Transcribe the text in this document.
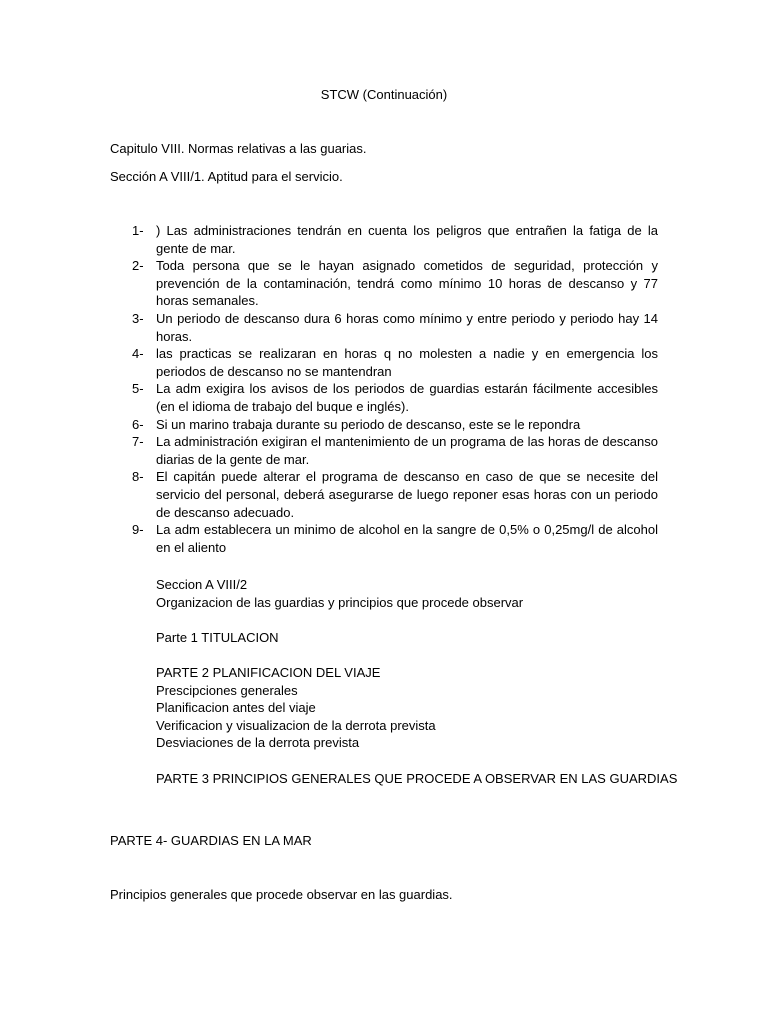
STCW (Continuación)
Capitulo VIII. Normas relativas a las guarias.
Sección A VIII/1. Aptitud para el servicio.
1- ) Las administraciones tendrán en cuenta los peligros que entrañen la fatiga de la gente de mar.
2- Toda persona que se le hayan asignado cometidos de seguridad, protección y prevención de la contaminación, tendrá como mínimo 10 horas de descanso y 77 horas semanales.
3- Un periodo de descanso dura 6 horas como mínimo y entre periodo y periodo hay 14 horas.
4- las practicas se realizaran en horas q no molesten a nadie y en emergencia los periodos de descanso no se mantendran
5- La adm exigira los avisos de los periodos de guardias estarán fácilmente accesibles (en el idioma de trabajo del buque e inglés).
6- Si un marino trabaja durante su periodo de descanso, este se le repondra
7- La administración exigiran el mantenimiento de un programa de las horas de descanso diarias de la gente de mar.
8- El capitán puede alterar el programa de descanso en caso de que se necesite del servicio del personal, deberá asegurarse de luego reponer esas horas con un periodo de descanso adecuado.
9- La adm establecera un minimo de alcohol en la sangre de 0,5% o 0,25mg/l de alcohol en el aliento
Seccion A VIII/2
Organizacion de las guardias y principios que procede observar
Parte 1 TITULACION
PARTE 2 PLANIFICACION DEL VIAJE
Prescipciones generales
Planificacion antes del viaje
Verificacion y visualizacion de la derrota prevista
Desviaciones de la derrota prevista
PARTE 3 PRINCIPIOS GENERALES QUE PROCEDE A OBSERVAR EN LAS GUARDIAS
PARTE 4- GUARDIAS EN LA MAR
Principios generales que procede observar en las guardias.
